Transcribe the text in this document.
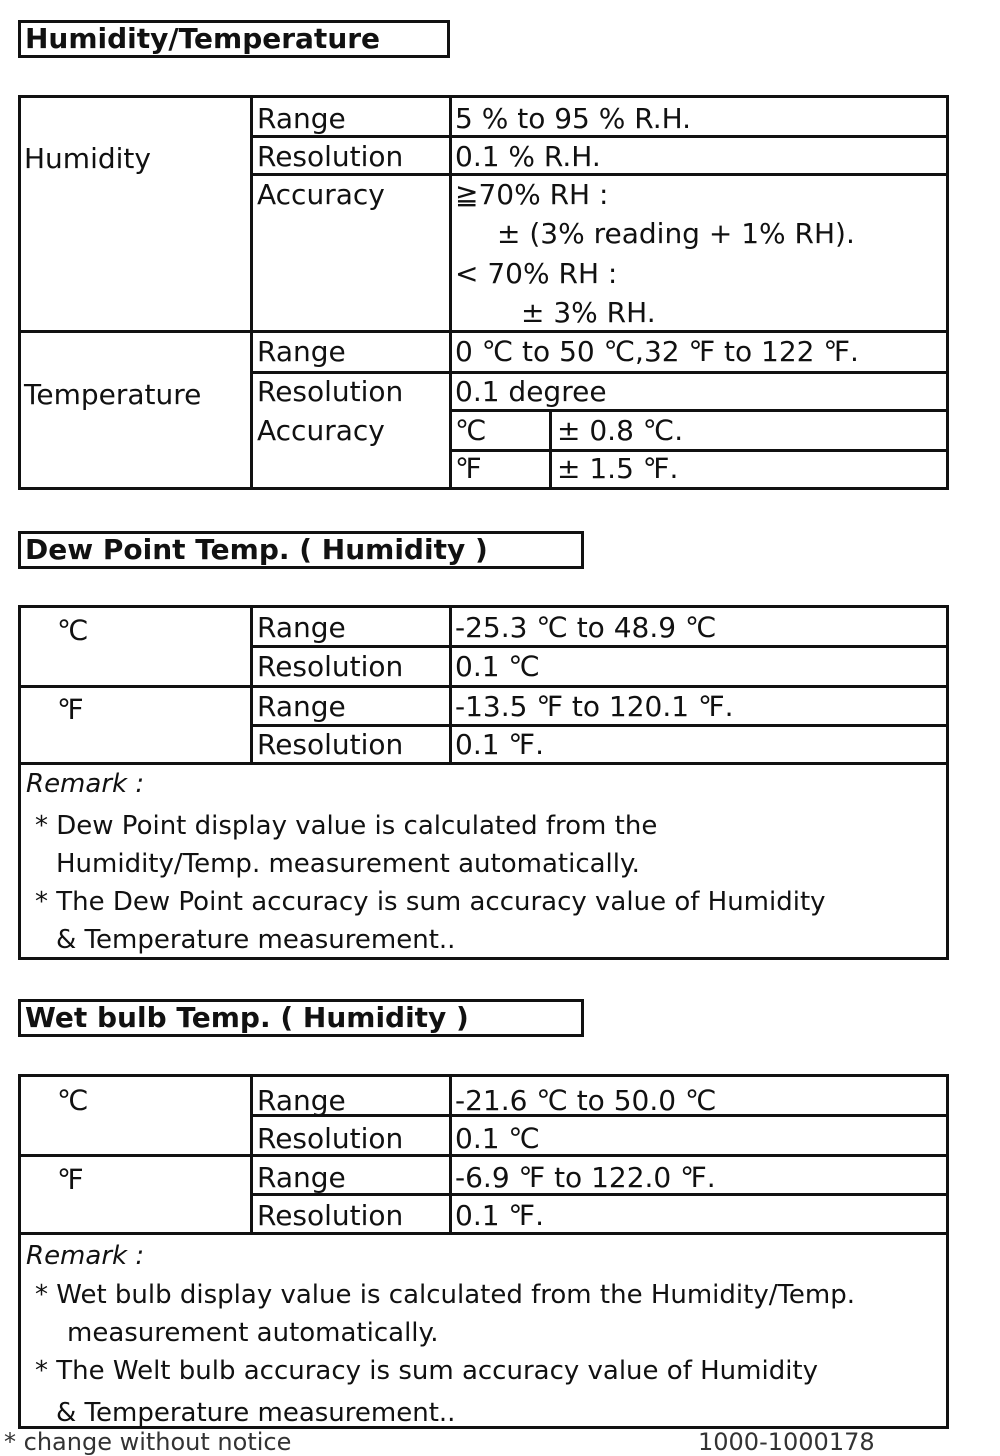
Humidity/Temperature
Humidity
Range	5 % to 95 % R.H.
Resolution 0.1 % R.H.
Accuracy	≧70% RH :
± (3% reading + 1% RH).
< 70% RH :
± 3% RH.
Temperature
Range	0 ℃ to 50 ℃,32 ℉ to 122 ℉.
Resolution 0.1 degree
Accuracy	℃	± 0.8 ℃.
℉	± 1.5 ℉.
Dew Point Temp. ( Humidity )
℃	Range	-25.3 ℃ to 48.9 ℃
Resolution 0.1 ℃
℉	Range	-13.5 ℉ to 120.1 ℉.
Resolution 0.1 ℉.
Remark :
* Dew Point display value is calculated from the
Humidity/Temp. measurement automatically.
* The Dew Point accuracy is sum accuracy value of Humidity
& Temperature measurement..
Wet bulb Temp. ( Humidity )
℃	Range	-21.6 ℃ to 50.0 ℃
Resolution 0.1 ℃
℉	Range	-6.9 ℉ to 122.0 ℉.
Resolution 0.1 ℉.
Remark :
* Wet bulb display value is calculated from the Humidity/Temp.
measurement automatically.
* The Welt bulb accuracy is sum accuracy value of Humidity
& Temperature measurement..
* change without notice	1000-1000178
